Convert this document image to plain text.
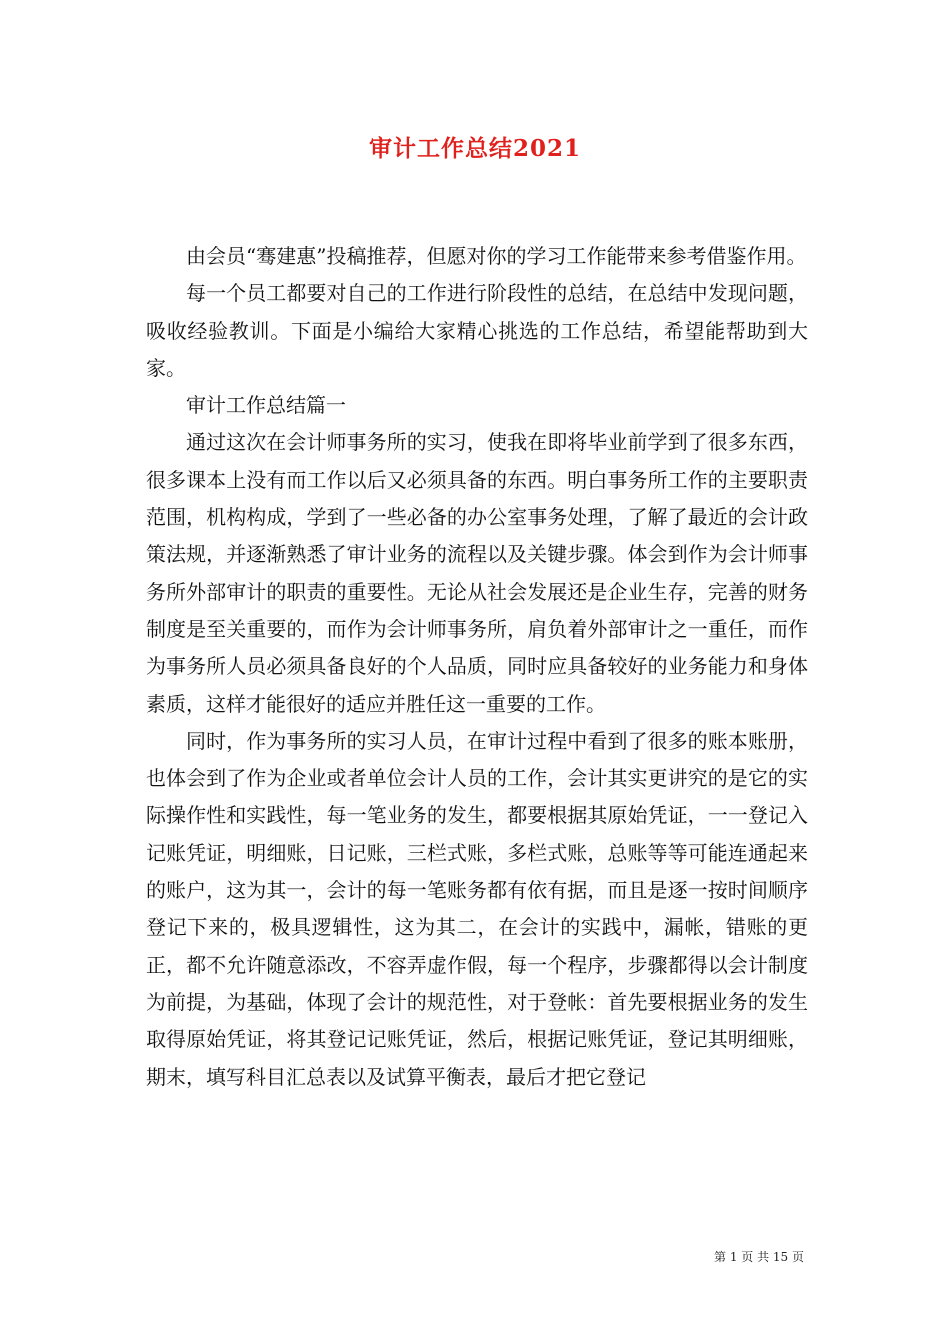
审计工作总结2021

由会员“骞建惠”投稿推荐，但愿对你的学习工作能带来参考借鉴作用。

每一个员工都要对自己的工作进行阶段性的总结，在总结中发现问题，吸收经验教训。下面是小编给大家精心挑选的工作总结，希望能帮助到大家。

审计工作总结篇一

通过这次在会计师事务所的实习，使我在即将毕业前学到了很多东西，很多课本上没有而工作以后又必须具备的东西。明白事务所工作的主要职责范围，机构构成，学到了一些必备的办公室事务处理，了解了最近的会计政策法规，并逐渐熟悉了审计业务的流程以及关键步骤。体会到作为会计师事务所外部审计的职责的重要性。无论从社会发展还是企业生存，完善的财务制度是至关重要的，而作为会计师事务所，肩负着外部审计之一重任，而作为事务所人员必须具备良好的个人品质，同时应具备较好的业务能力和身体素质，这样才能很好的适应并胜任这一重要的工作。

同时，作为事务所的实习人员，在审计过程中看到了很多的账本账册，也体会到了作为企业或者单位会计人员的工作，会计其实更讲究的是它的实际操作性和实践性，每一笔业务的发生，都要根据其原始凭证，一一登记入记账凭证，明细账，日记账，三栏式账，多栏式账，总账等等可能连通起来的账户，这为其一，会计的每一笔账务都有依有据，而且是逐一按时间顺序登记下来的，极具逻辑性，这为其二，在会计的实践中，漏帐，错账的更正，都不允许随意添改，不容弄虚作假，每一个程序，步骤都得以会计制度为前提，为基础，体现了会计的规范性，对于登帐：首先要根据业务的发生取得原始凭证，将其登记记账凭证，然后，根据记账凭证，登记其明细账，期末，填写科目汇总表以及试算平衡表，最后才把它登记

第 1 页 共 15 页
